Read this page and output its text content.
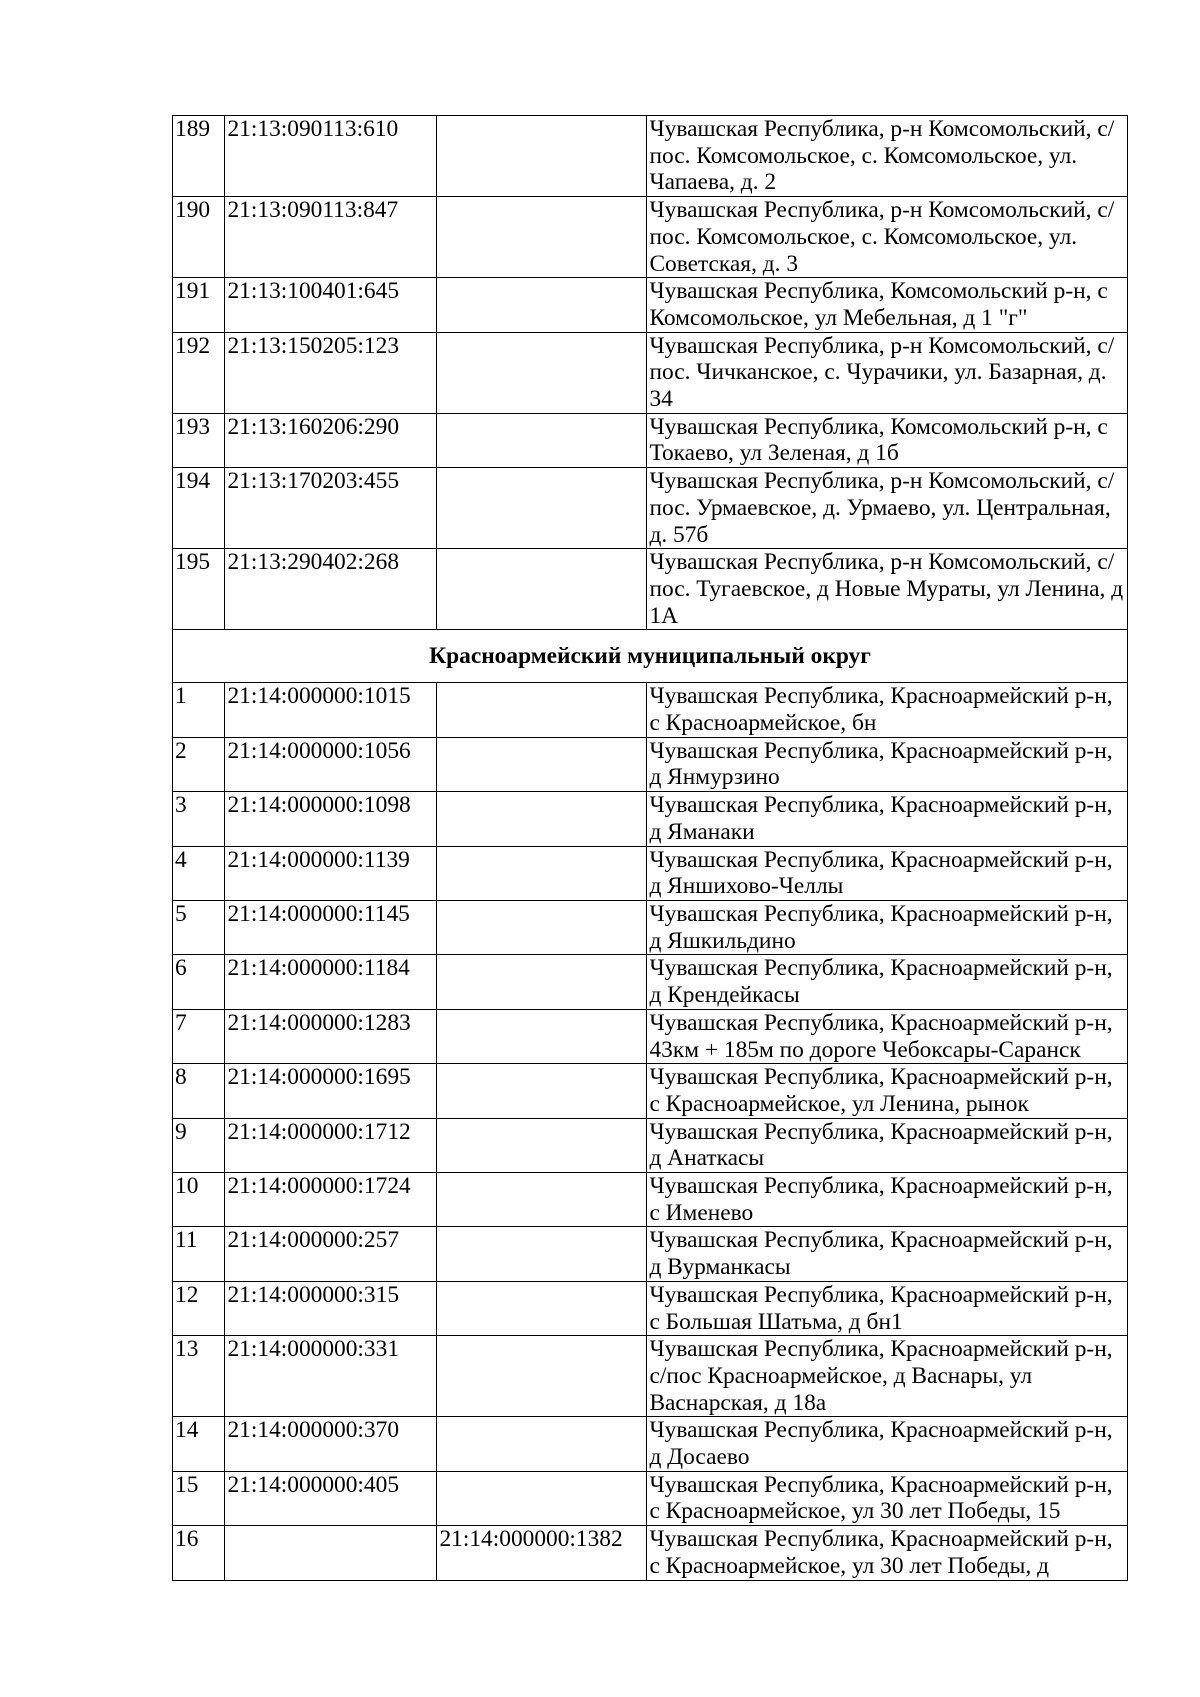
189	21:13:090113:610		Чувашская Республика, р-н Комсомольский, с/пос. Комсомольское, с. Комсомольское, ул. Чапаева, д. 2
190	21:13:090113:847		Чувашская Республика, р-н Комсомольский, с/пос. Комсомольское, с. Комсомольское, ул. Советская, д. 3
191	21:13:100401:645		Чувашская Республика, Комсомольский р-н, с Комсомольское, ул Мебельная, д 1 "г"
192	21:13:150205:123		Чувашская Республика, р-н Комсомольский, с/пос. Чичканское, с. Чурачики, ул. Базарная, д. 34
193	21:13:160206:290		Чувашская Республика, Комсомольский р-н, с Токаево, ул Зеленая, д 1б
194	21:13:170203:455		Чувашская Республика, р-н Комсомольский, с/пос. Урмаевское, д. Урмаево, ул. Центральная, д. 57б
195	21:13:290402:268		Чувашская Республика, р-н Комсомольский, с/пос. Тугаевское, д Новые Мураты, ул Ленина, д 1А
Красноармейский муниципальный округ			
1	21:14:000000:1015		Чувашская Республика, Красноармейский р-н, с Красноармейское, бн
2	21:14:000000:1056		Чувашская Республика, Красноармейский р-н, д Янмурзино
3	21:14:000000:1098		Чувашская Республика, Красноармейский р-н, д Яманаки
4	21:14:000000:1139		Чувашская Республика, Красноармейский р-н, д Яншихово-Челлы
5	21:14:000000:1145		Чувашская Республика, Красноармейский р-н, д Яшкильдино
6	21:14:000000:1184		Чувашская Республика, Красноармейский р-н, д Крендейкасы
7	21:14:000000:1283		Чувашская Республика, Красноармейский р-н, 43км + 185м по дороге Чебоксары-Саранск
8	21:14:000000:1695		Чувашская Республика, Красноармейский р-н, с Красноармейское, ул Ленина, рынок
9	21:14:000000:1712		Чувашская Республика, Красноармейский р-н, д Анаткасы
10	21:14:000000:1724		Чувашская Республика, Красноармейский р-н, с Именево
11	21:14:000000:257		Чувашская Республика, Красноармейский р-н, д Вурманкасы
12	21:14:000000:315		Чувашская Республика, Красноармейский р-н, с Большая Шатьма, д бн1
13	21:14:000000:331		Чувашская Республика, Красноармейский р-н, с/пос Красноармейское, д Васнары, ул Васнарская, д 18а
14	21:14:000000:370		Чувашская Республика, Красноармейский р-н, д Досаево
15	21:14:000000:405		Чувашская Республика, Красноармейский р-н, с Красноармейское, ул 30 лет Победы, 15
16		21:14:000000:1382	Чувашская Республика, Красноармейский р-н, с Красноармейское, ул 30 лет Победы, д
